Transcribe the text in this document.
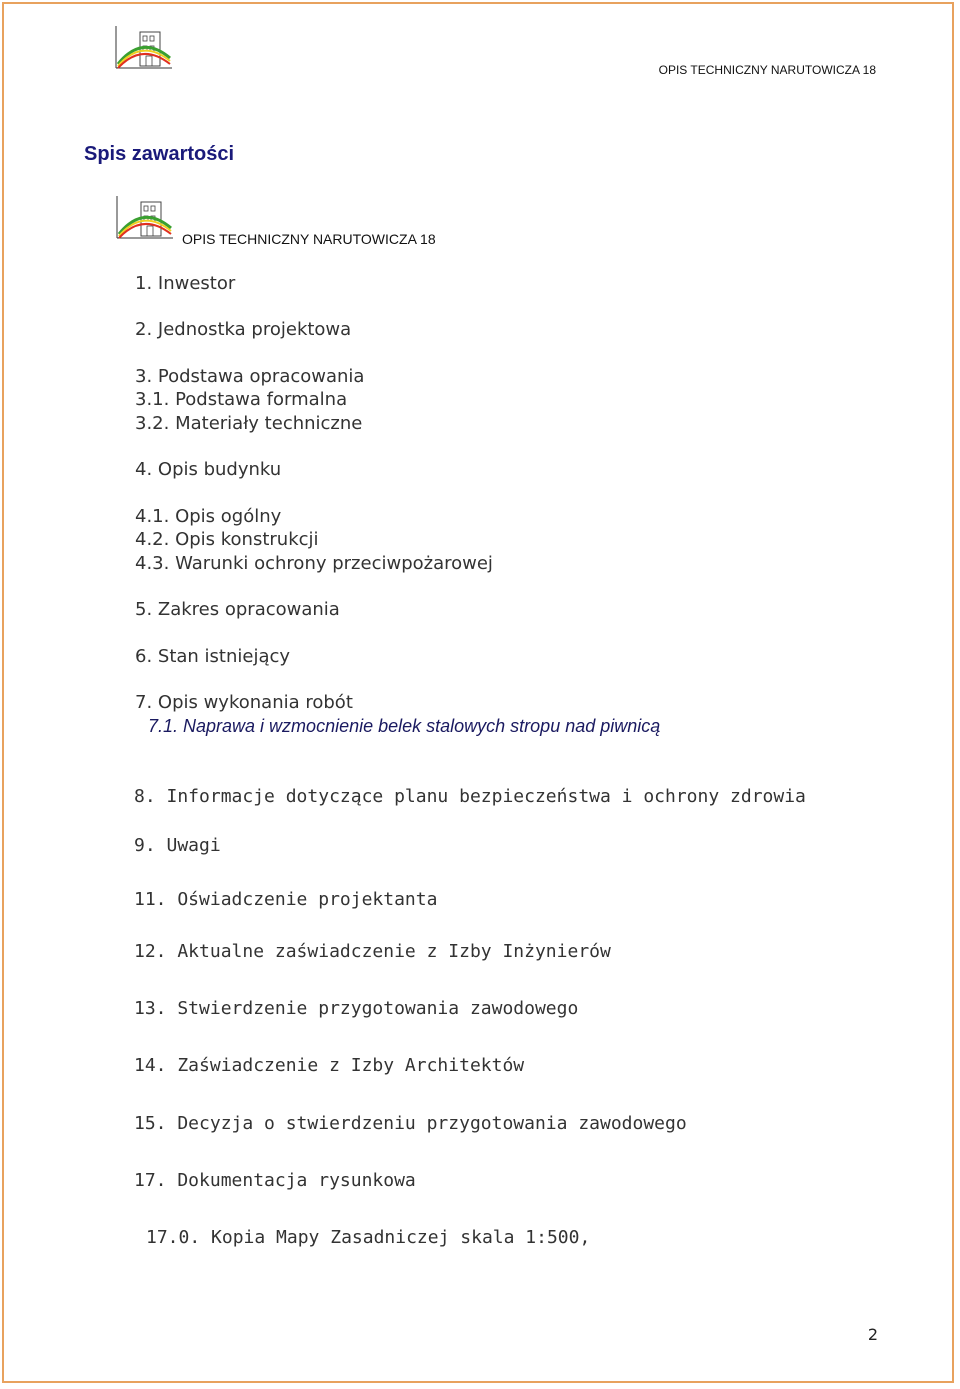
OPIS TECHNICZNY NARUTOWICZA 18
Spis zawartości
OPIS TECHNICZNY NARUTOWICZA 18
1. Inwestor
2. Jednostka projektowa
3. Podstawa opracowania
3.1. Podstawa formalna
3.2. Materiały techniczne
4. Opis budynku
4.1. Opis ogólny
4.2. Opis konstrukcji
4.3. Warunki ochrony przeciwpożarowej
5. Zakres opracowania
6. Stan istniejący
7. Opis wykonania robót
7.1. Naprawa i wzmocnienie belek stalowych stropu nad piwnicą
8. Informacje dotyczące planu bezpieczeństwa i ochrony zdrowia
9. Uwagi
11. Oświadczenie projektanta
12. Aktualne zaświadczenie z Izby Inżynierów
13. Stwierdzenie przygotowania zawodowego
14. Zaświadczenie z Izby Architektów
15. Decyzja o stwierdzeniu przygotowania zawodowego
17. Dokumentacja rysunkowa
17.0. Kopia Mapy Zasadniczej skala 1:500,
2
